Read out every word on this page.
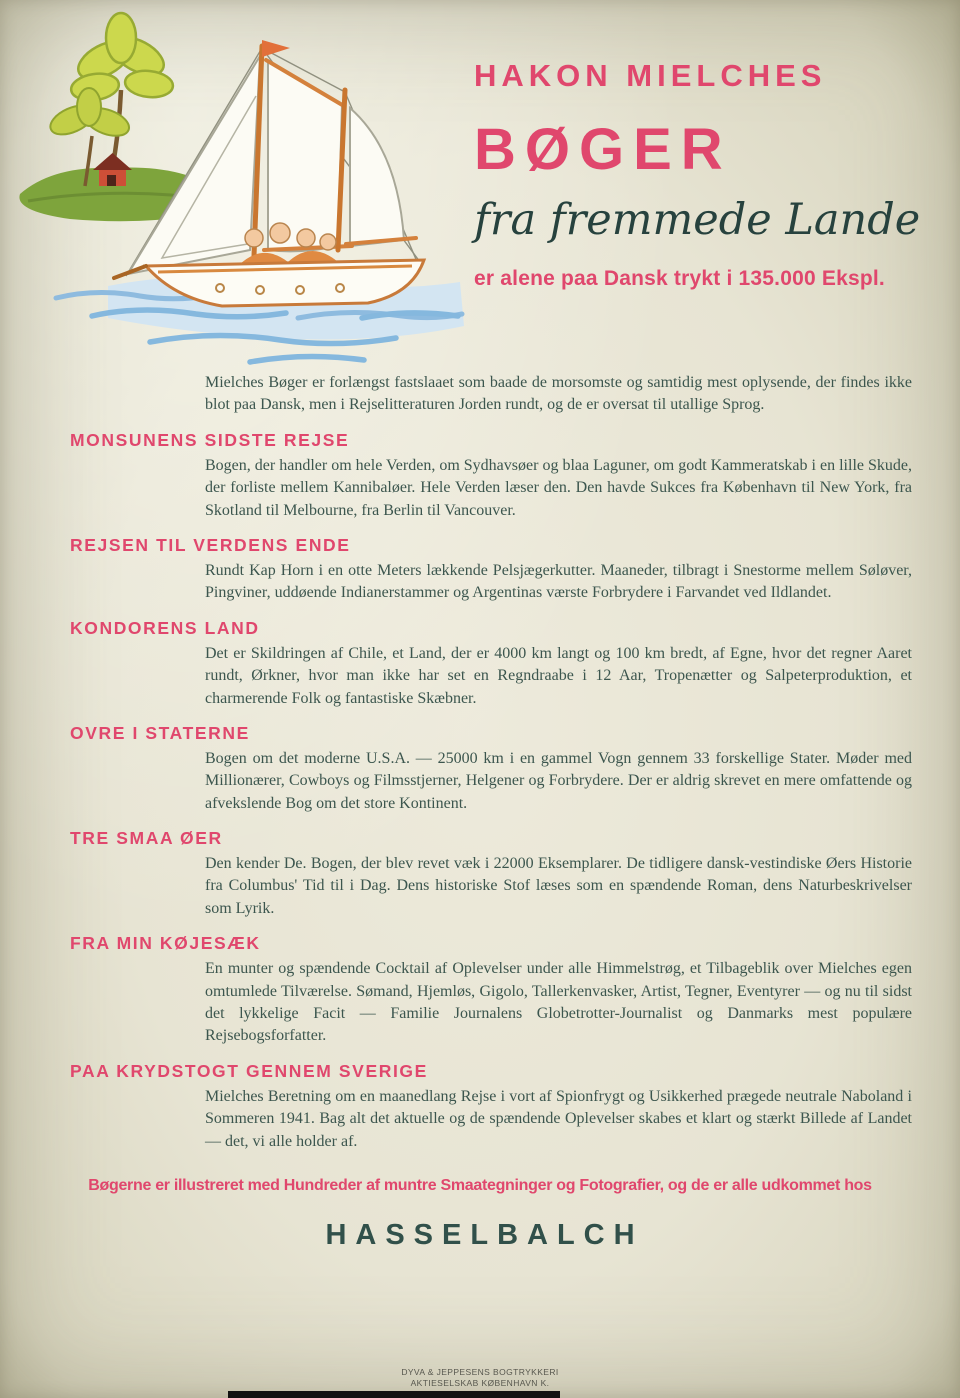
HAKON MIELCHES
BØGER
fra fremmede Lande
er alene paa Dansk trykt i 135.000 Ekspl.

Mielches Bøger er forlængst fastslaaet som baade de morsomste og samtidig mest oplysende, der findes ikke blot paa Dansk, men i Rejselitteraturen Jorden rundt, og de er oversat til utallige Sprog.

MONSUNENS SIDSTE REJSE

Bogen, der handler om hele Verden, om Sydhavsøer og blaa Laguner, om godt Kammeratskab i en lille Skude, der forliste mellem Kannibaløer. Hele Verden læser den. Den havde Sukces fra København til New York, fra Skotland til Melbourne, fra Berlin til Vancouver.

REJSEN TIL VERDENS ENDE

Rundt Kap Horn i en otte Meters lækkende Pelsjægerkutter. Maaneder, tilbragt i Snestorme mellem Søløver, Pingviner, uddøende Indianerstammer og Argentinas værste Forbrydere i Farvandet ved Ildlandet.

KONDORENS LAND

Det er Skildringen af Chile, et Land, der er 4000 km langt og 100 km bredt, af Egne, hvor det regner Aaret rundt, Ørkner, hvor man ikke har set en Regndraabe i 12 Aar, Tropenætter og Salpeterproduktion, et charmerende Folk og fantastiske Skæbner.

OVRE I STATERNE

Bogen om det moderne U.S.A. — 25000 km i en gammel Vogn gennem 33 forskellige Stater. Møder med Millionærer, Cowboys og Filmsstjerner, Helgener og Forbrydere. Der er aldrig skrevet en mere omfattende og afvekslende Bog om det store Kontinent.

TRE SMAA ØER

Den kender De. Bogen, der blev revet væk i 22000 Eksemplarer. De tidligere dansk-vestindiske Øers Historie fra Columbus' Tid til i Dag. Dens historiske Stof læses som en spændende Roman, dens Naturbeskrivelser som Lyrik.

FRA MIN KØJESÆK

En munter og spændende Cocktail af Oplevelser under alle Himmelstrøg, et Tilbageblik over Mielches egen omtumlede Tilværelse. Sømand, Hjemløs, Gigolo, Tallerkenvasker, Artist, Tegner, Eventyrer — og nu til sidst det lykkelige Facit — Familie Journalens Globetrotter-Journalist og Danmarks mest populære Rejsebogsforfatter.

PAA KRYDSTOGT GENNEM SVERIGE

Mielches Beretning om en maanedlang Rejse i vort af Spionfrygt og Usikkerhed prægede neutrale Naboland i Sommeren 1941. Bag alt det aktuelle og de spændende Oplevelser skabes et klart og stærkt Billede af Landet — det, vi alle holder af.

Bøgerne er illustreret med Hundreder af muntre Smaategninger og Fotografier, og de er alle udkommet hos
HASSELBALCH
DYVA & JEPPESENS BOGTRYKKERI
AKTIESELSKAB KØBENHAVN K.
